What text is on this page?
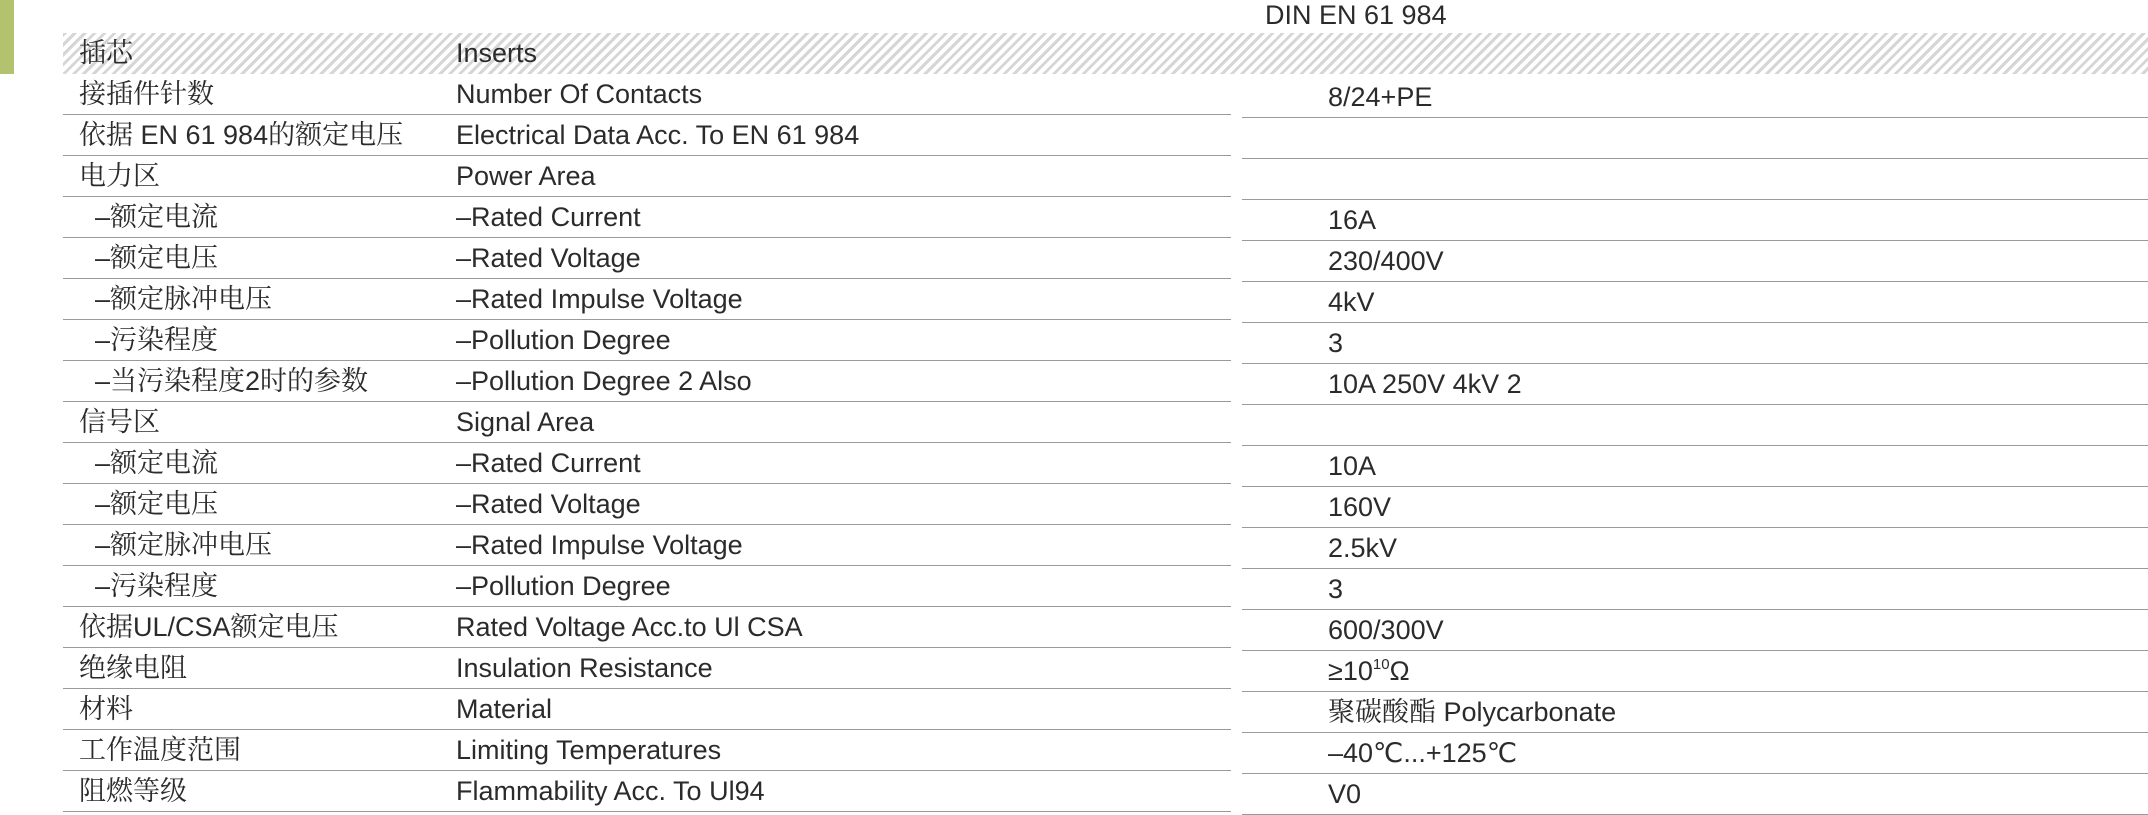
DIN EN 61 984
插芯	Inserts
接插件针数	Number Of Contacts	8/24+PE
依据 EN 61 984的额定电压	Electrical Data Acc. To EN 61 984
电力区	Power Area
–额定电流	–Rated Current	16A
–额定电压	–Rated Voltage	230/400V
–额定脉冲电压	–Rated Impulse Voltage	4kV
–污染程度	–Pollution Degree	3
–当污染程度2时的参数	–Pollution Degree 2 Also	10A 250V 4kV 2
信号区	Signal Area
–额定电流	–Rated Current	10A
–额定电压	–Rated Voltage	160V
–额定脉冲电压	–Rated Impulse Voltage	2.5kV
–污染程度	–Pollution Degree	3
依据UL/CSA额定电压	Rated Voltage Acc.to Ul CSA	600/300V
绝缘电阻	Insulation Resistance	$\ge 10^{10}\Omega$
材料	Material	聚碳酸酯 Polycarbonate
工作温度范围	Limiting Temperatures	–40℃...+125℃
阻燃等级	Flammability Acc. To Ul94	V0
